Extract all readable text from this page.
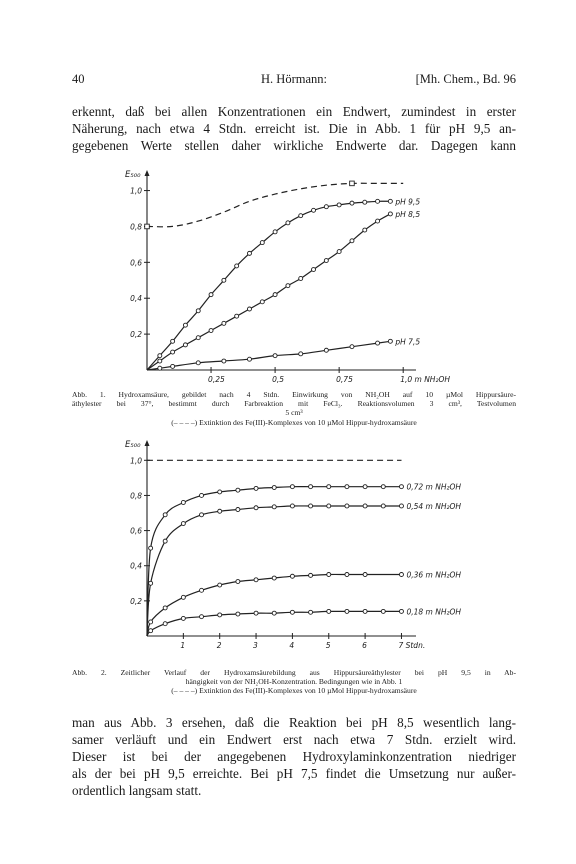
40	H. Hörmann:	[Mh. Chem., Bd. 96
erkennt, daß bei allen Konzentrationen ein Endwert, zumindest in erster
Näherung, nach etwa 4 Stdn. erreicht ist. Die in Abb. 1 für pH 9,5 an-
gegebenen Werte stellen daher wirkliche Endwerte dar. Dagegen kann
E₅₀₀
0,2
0,4
0,6
0,8
1,0
0,25	0,5	0,75	1,0 m NH₂OH
pH 9,5
pH 8,5
pH 7,5
Abb. 1. Hydroxamsäure, gebildet nach 4 Stdn. Einwirkung von NH₂OH auf 10 µMol Hippursäure-
äthylester bei 37°, bestimmt durch Farbreaktion mit FeCl₃. Reaktionsvolumen 3 cm³, Testvolumen
5 cm³
(– – – –) Extinktion des Fe(III)-Komplexes von 10 µMol Hippur-hydroxamsäure
E₅₀₀
0,2
0,4
0,6
0,8
1,0
1	2	3	4	5	6	7 Stdn.
0,72 m NH₂OH
0,54 m NH₂OH
0,36 m NH₂OH
0,18 m NH₂OH
Abb. 2. Zeitlicher Verlauf der Hydroxamsäurebildung aus Hippursäureäthylester bei pH 9,5 in Ab-
hängigkeit von der NH₂OH-Konzentration. Bedingungen wie in Abb. 1
(– – – –) Extinktion des Fe(III)-Komplexes von 10 µMol Hippur-hydroxamsäure
man aus Abb. 3 ersehen, daß die Reaktion bei pH 8,5 wesentlich lang-
samer verläuft und ein Endwert erst nach etwa 7 Stdn. erzielt wird.
Dieser ist bei der angegebenen Hydroxylaminkonzentration niedriger
als der bei pH 9,5 erreichte. Bei pH 7,5 findet die Umsetzung nur außer-
ordentlich langsam statt.
